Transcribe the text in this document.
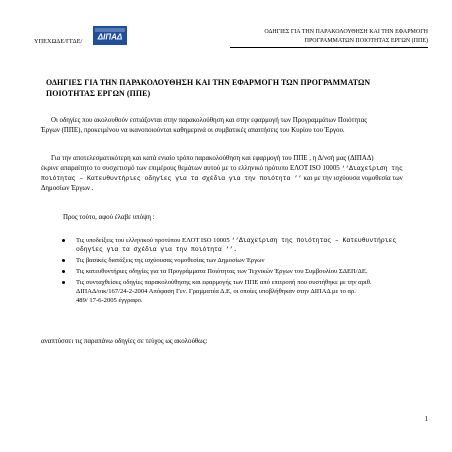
ΥΠΕΧΩΔΕ/ΓΓΔΕ/ ΔΙΠΑΔ
ΟΔΗΓΙΕΣ ΓΙΑ ΤΗΝ ΠΑΡΑΚΟΛΟΥΘΗΣΗ ΚΑΙ ΤΗΝ ΕΦΑΡΜΟΓΗ
ΠΡΟΓΡΑΜΜΑΤΩΝ ΠΟΙΟΤΗΤΑΣ ΕΡΓΩΝ (ΠΠΕ)
ΟΔΗΓΙΕΣ ΓΙΑ ΤΗΝ ΠΑΡΑΚΟΛΟΥΘΗΣΗ ΚΑΙ ΤΗΝ ΕΦΑΡΜΟΓΗ ΤΩΝ ΠΡΟΓΡΑΜΜΑΤΩΝ
ΠΟΙΟΤΗΤΑΣ ΕΡΓΩΝ (ΠΠΕ)
Οι οδηγίες που ακολουθούν εστιάζονται στην παρακολούθηση και στην εφαρμογή των Προγραμμάτων Ποιότητας
Έργων (ΠΠΕ), προκειμένου να ικανοποιούνται καθημερινά οι συμβατικές απαιτήσεις του Κυρίου του Έργου.
Για την αποτελεσματικότερη και κατά ενιαίο τρόπο παρακολούθηση και εφαρμογή του ΠΠΕ , η Δ/νσή μας (ΔΙΠΑΔ)
έκρινε απαραίτητο το συσχετισμό των επιμέρους θεμάτων αυτού με το ελληνικό πρότυπο ΕΛΟΤ ISO 10005 ‘‘Διαχείριση της
ποιότητας – Κατευθυντήριες οδηγίες για τα σχέδια για την ποιότητα ’’ και με την ισχύουσα νομοθεσία των
Δημοσίων Έργων .
Προς τούτο, αφού έλαβε υπόψη :
Τις υποδείξεις του ελληνικού προτύπου ΕΛΟΤ ISO 10005 ‘‘Διαχείριση της ποιότητας – Κατευθυντήριες
οδηγίες για τα σχέδια για την ποιότητα ’’.
Τις βασικές διατάξεις της ισχύουσας νομοθεσίας των Δημοσίων Έργων
Τις κατευθυντήριες οδηγίες για τα Προγράμματα Ποιότητας των Τεχνικών Έργων του Συμβουλίου ΣΔΕΠ/ΔΕ.
Τις συνταχθείσες οδηγίες παρακολούθησης και εφαρμογής των ΠΠΕ από επιτροπή που συστήθηκε με την αριθ.
ΔΙΠΑΔ/οικ/167/24-2-2004 Απόφαση Γεν. Γραμματέα Δ.Ε, οι οποίες υποβλήθηκαν στην ΔΙΠΑΔ με το αρ.
489/ 17-6-2005 έγγραφο.
αναπτύσσει τις παραπάνω οδηγίες σε τεύχος ως ακολούθως:
1
